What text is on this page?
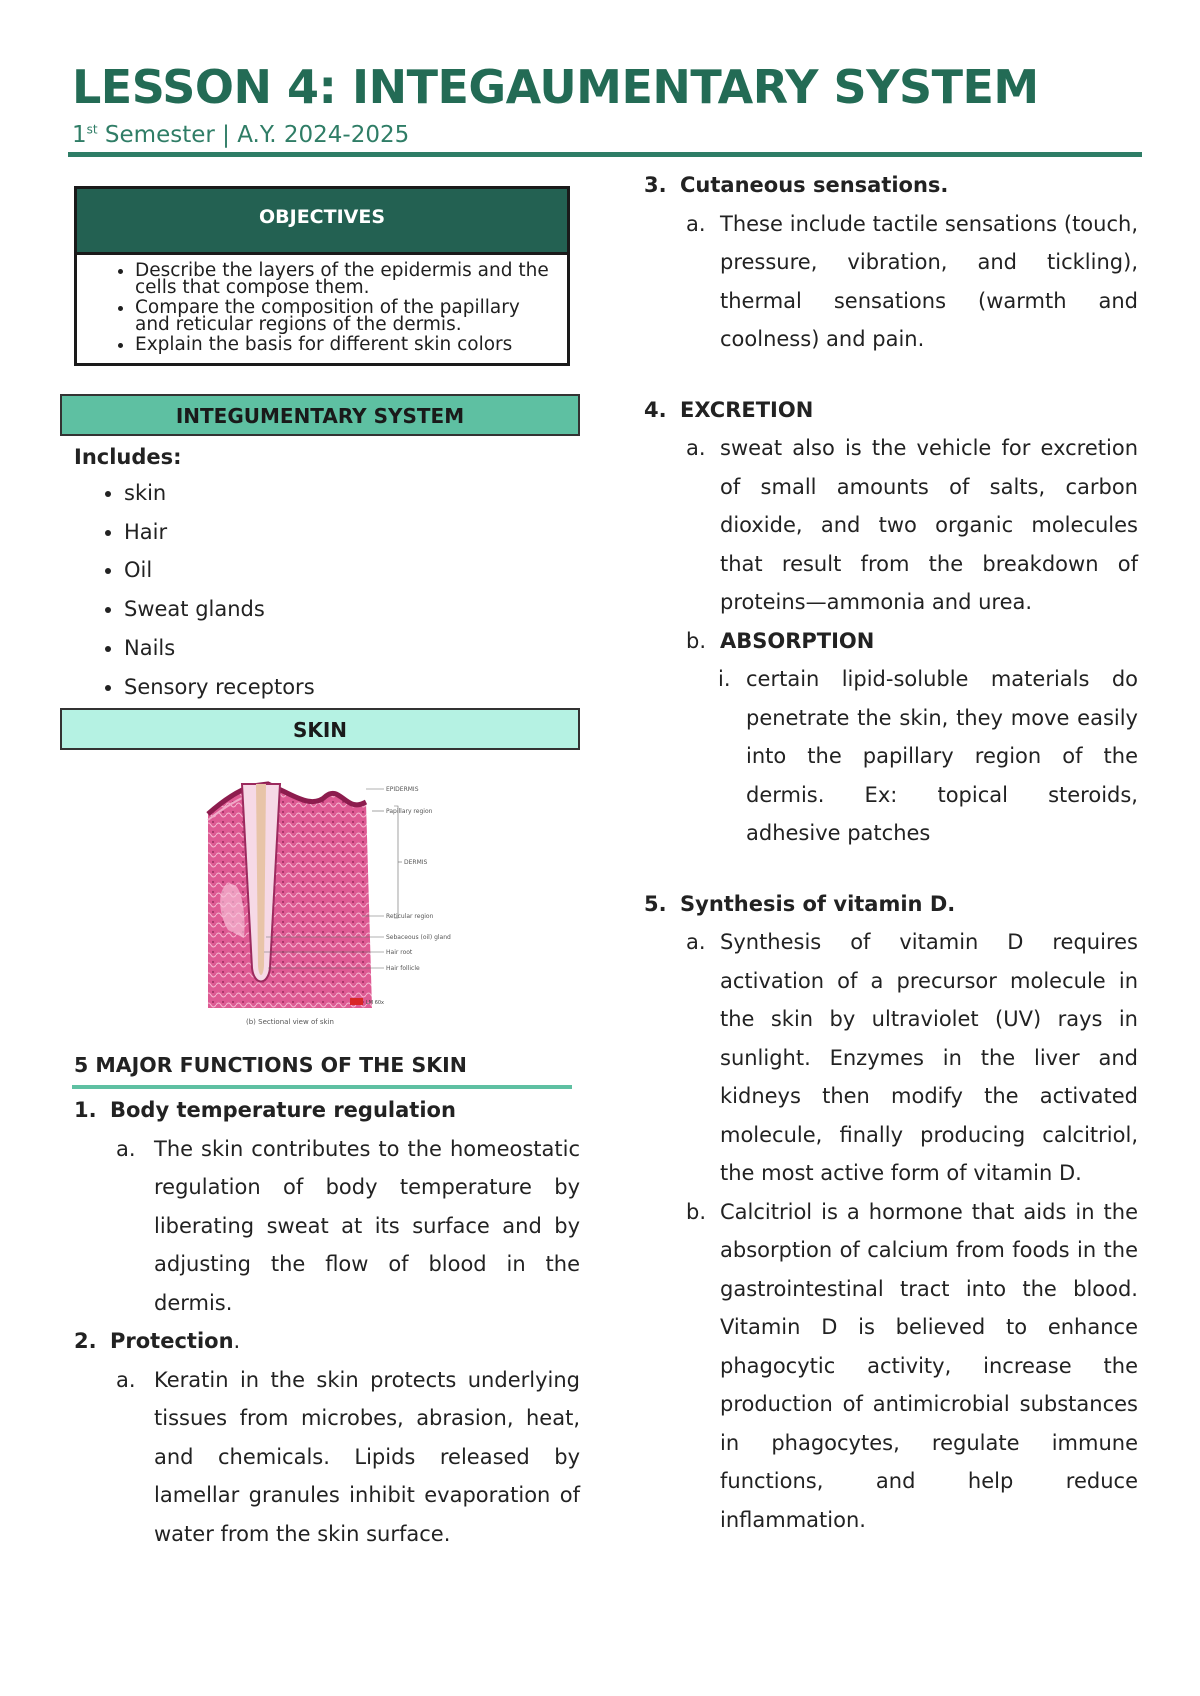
LESSON 4: INTEGAUMENTARY SYSTEM
1st Semester | A.Y. 2024-2025
OBJECTIVES
• Describe the layers of the epidermis and the cells that compose them.
• Compare the composition of the papillary and reticular regions of the dermis.
• Explain the basis for different skin colors
INTEGUMENTARY SYSTEM
Includes:
• skin
• Hair
• Oil
• Sweat glands
• Nails
• Sensory receptors
SKIN
EPIDERMIS
Papillary region
DERMIS
Reticular region
Sebaceous (oil) gland
Hair root
Hair follicle
LM 60x
(b) Sectional view of skin
5 MAJOR FUNCTIONS OF THE SKIN
1. Body temperature regulation
a. The skin contributes to the homeostatic regulation of body temperature by liberating sweat at its surface and by adjusting the flow of blood in the dermis.
2. Protection.
a. Keratin in the skin protects underlying tissues from microbes, abrasion, heat, and chemicals. Lipids released by lamellar granules inhibit evaporation of water from the skin surface.
3. Cutaneous sensations.
a. These include tactile sensations (touch, pressure, vibration, and tickling), thermal sensations (warmth and coolness) and pain.
4. EXCRETION
a. sweat also is the vehicle for excretion of small amounts of salts, carbon dioxide, and two organic molecules that result from the breakdown of proteins—ammonia and urea.
b. ABSORPTION
i. certain lipid-soluble materials do penetrate the skin, they move easily into the papillary region of the dermis. Ex: topical steroids, adhesive patches
5. Synthesis of vitamin D.
a. Synthesis of vitamin D requires activation of a precursor molecule in the skin by ultraviolet (UV) rays in sunlight. Enzymes in the liver and kidneys then modify the activated molecule, finally producing calcitriol, the most active form of vitamin D.
b. Calcitriol is a hormone that aids in the absorption of calcium from foods in the gastrointestinal tract into the blood. Vitamin D is believed to enhance phagocytic activity, increase the production of antimicrobial substances in phagocytes, regulate immune functions, and help reduce inflammation.
